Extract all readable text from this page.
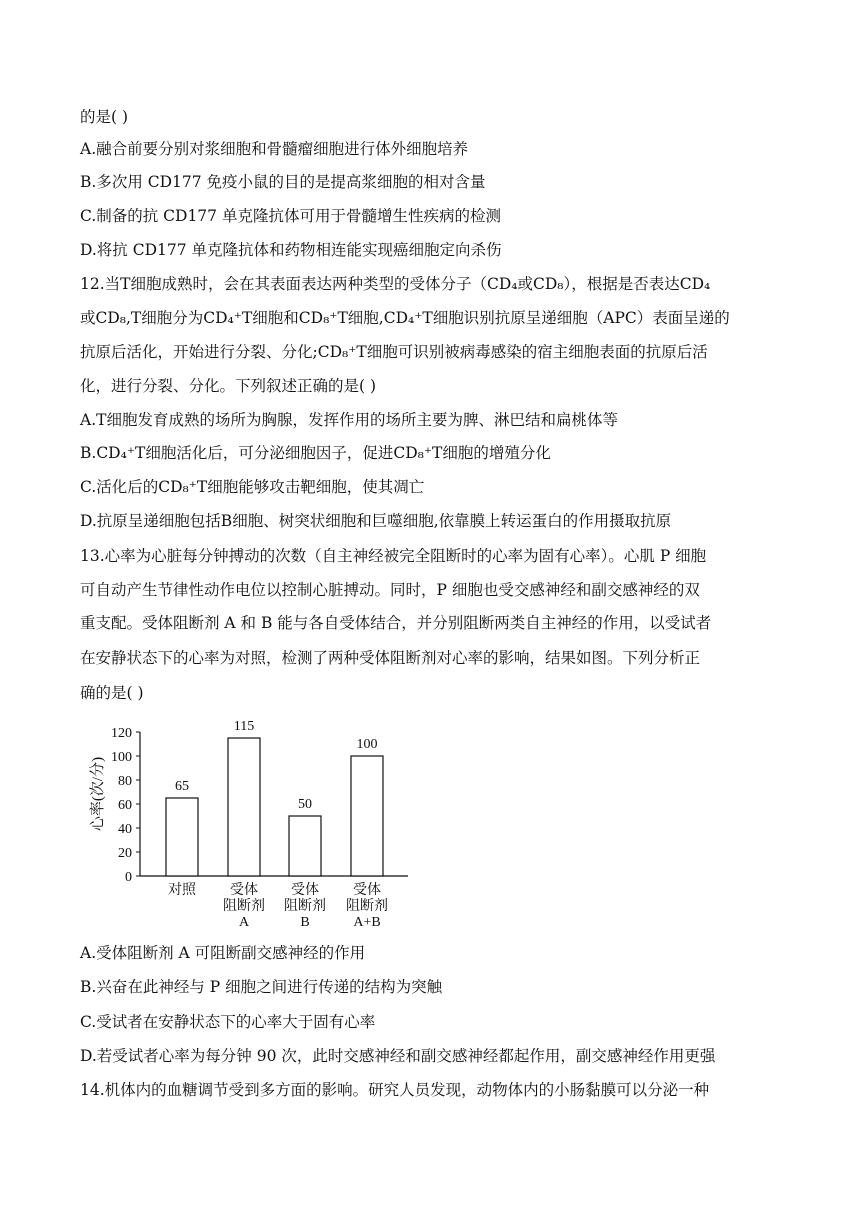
的是( )
A.融合前要分别对浆细胞和骨髓瘤细胞进行体外细胞培养
B.多次用 CD177 免疫小鼠的目的是提高浆细胞的相对含量
C.制备的抗 CD177 单克隆抗体可用于骨髓增生性疾病的检测
D.将抗 CD177 单克隆抗体和药物相连能实现癌细胞定向杀伤
12.当T细胞成熟时，会在其表面表达两种类型的受体分子（CD₄或CD₈），根据是否表达CD₄
或CD₈,T细胞分为CD₄⁺T细胞和CD₈⁺T细胞,CD₄⁺T细胞识别抗原呈递细胞（APC）表面呈递的
抗原后活化，开始进行分裂、分化;CD₈⁺T细胞可识别被病毒感染的宿主细胞表面的抗原后活
化，进行分裂、分化。下列叙述正确的是( )
A.T细胞发育成熟的场所为胸腺，发挥作用的场所主要为脾、淋巴结和扁桃体等
B.CD₄⁺T细胞活化后，可分泌细胞因子，促进CD₈⁺T细胞的增殖分化
C.活化后的CD₈⁺T细胞能够攻击靶细胞，使其凋亡
D.抗原呈递细胞包括B细胞、树突状细胞和巨噬细胞,依靠膜上转运蛋白的作用摄取抗原
13.心率为心脏每分钟搏动的次数（自主神经被完全阻断时的心率为固有心率）。心肌 P 细胞
可自动产生节律性动作电位以控制心脏搏动。同时，P 细胞也受交感神经和副交感神经的双
重支配。受体阻断剂 A 和 B 能与各自受体结合，并分别阻断两类自主神经的作用，以受试者
在安静状态下的心率为对照，检测了两种受体阻断剂对心率的影响，结果如图。下列分析正
确的是( )
心率(次/分)
0
20
40
60
80
100
120
65
对照
115
受体
阻断剂
A
50
受体
阻断剂
B
100
受体
阻断剂
A+B
A.受体阻断剂 A 可阻断副交感神经的作用
B.兴奋在此神经与 P 细胞之间进行传递的结构为突触
C.受试者在安静状态下的心率大于固有心率
D.若受试者心率为每分钟 90 次，此时交感神经和副交感神经都起作用，副交感神经作用更强
14.机体内的血糖调节受到多方面的影响。研究人员发现，动物体内的小肠黏膜可以分泌一种
